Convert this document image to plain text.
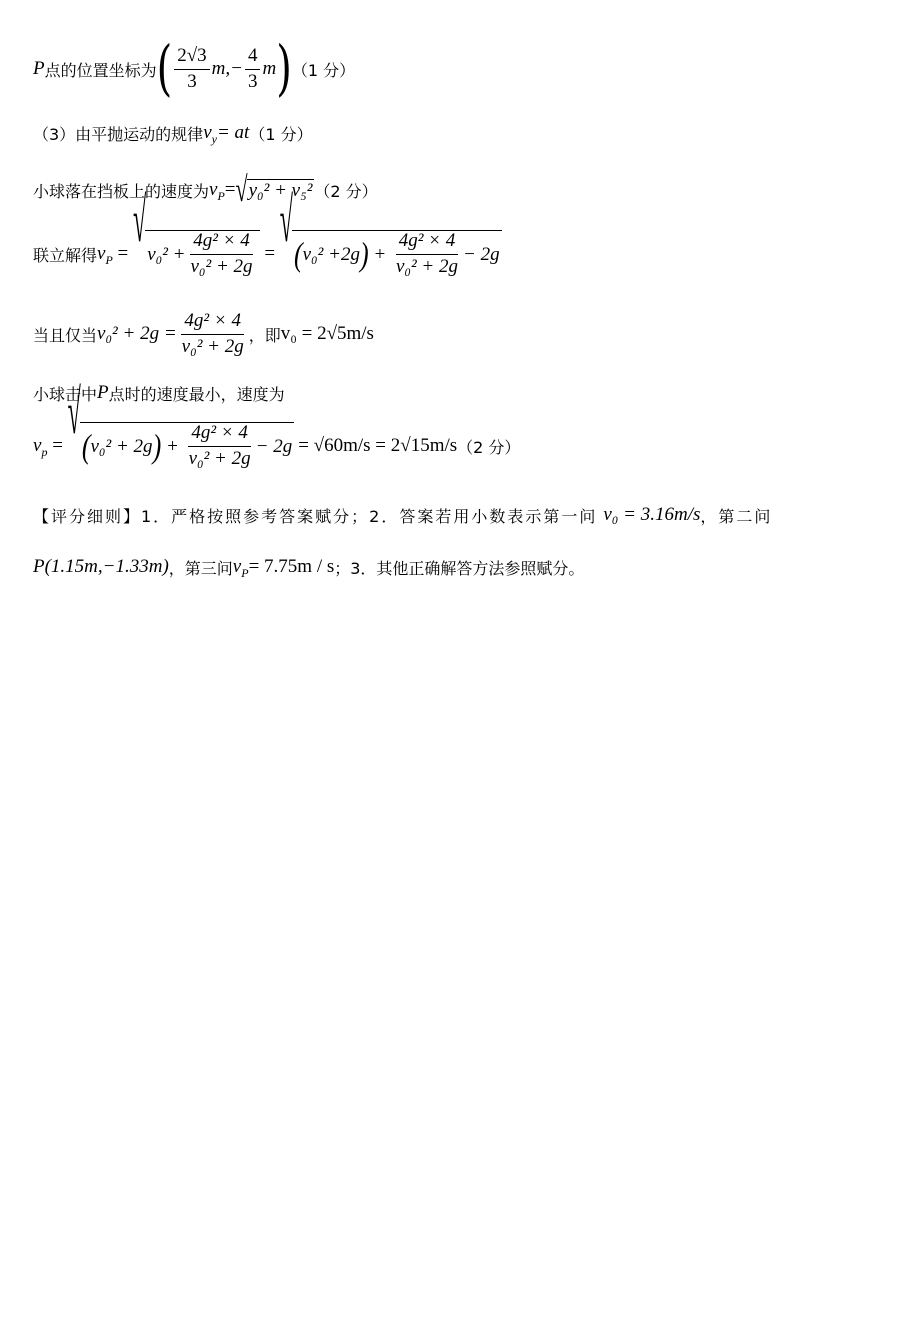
P 点的位置坐标为 ( $\frac{2√3}{3} m,- \frac{4}{3}$ m ) （1 分）
（3）由平抛运动的规律 $v_y$ = at （1 分）
小球落在挡板上的速度为 $v_P$ = √ y₀² + v₅² （2 分）
联立解得 $v_P$ = √ $v_0^2 + \frac{\text{4g² × 4}}{\text{v₀² + 2g}}$ = √ ( v₀² + 2g ) + $\frac{\text{4g² × 4}}{\text{v₀² + 2g}} - 2g$
当且仅当 $v_0^2 + 2g = \frac{\text{4g² × 4}}{\text{v₀² + 2g}}$ ，即 v₀ = 2√5m/s
小球击中 P 点时的速度最小，速度为
$v_p$ = √ ( v₀² + 2g ) + $\frac{\text{4g² × 4}}{\text{v₀² + 2g}} - 2g = √60m/s = 2√15m/s$ （2 分）
【评分细则】1．严格按照参考答案赋分；2．答案若用小数表示第一问 v₀ = 3.16m/s ，第二问
P(1.15m,−1.33m) ，第三问 $v_P = 7.75m / s$ ；3．其他正确解答方法参照赋分。
